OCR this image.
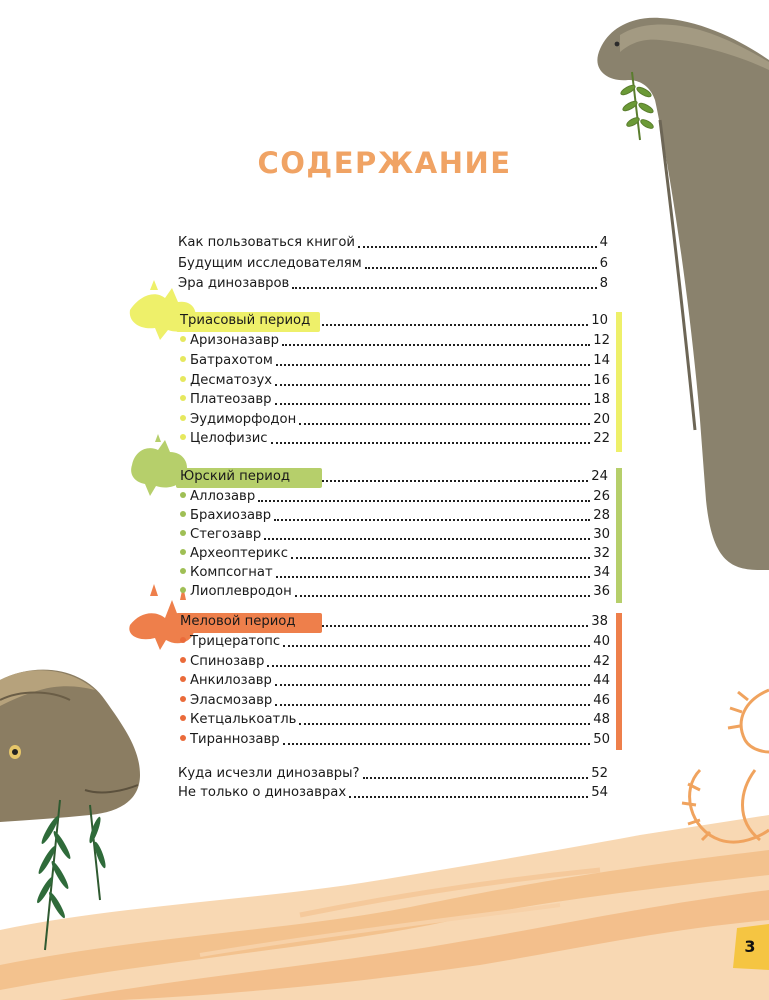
СОДЕРЖАНИЕ
Как пользоваться книгой	4
Будущим исследователям	6
Эра динозавров	8
Триасовый период	10
Аризоназавр	12
Батрахотом	14
Десматозух	16
Платеозавр	18
Эудиморфодон	20
Целофизис	22
Юрский период	24
Аллозавр	26
Брахиозавр	28
Стегозавр	30
Археоптерикс	32
Компсогнат	34
Лиоплевродон	36
Меловой период	38
Трицератопс	40
Спинозавр	42
Анкилозавр	44
Эласмозавр	46
Кетцалькоатль	48
Тираннозавр	50
Куда исчезли динозавры?	52
Не только о динозаврах	54
3
